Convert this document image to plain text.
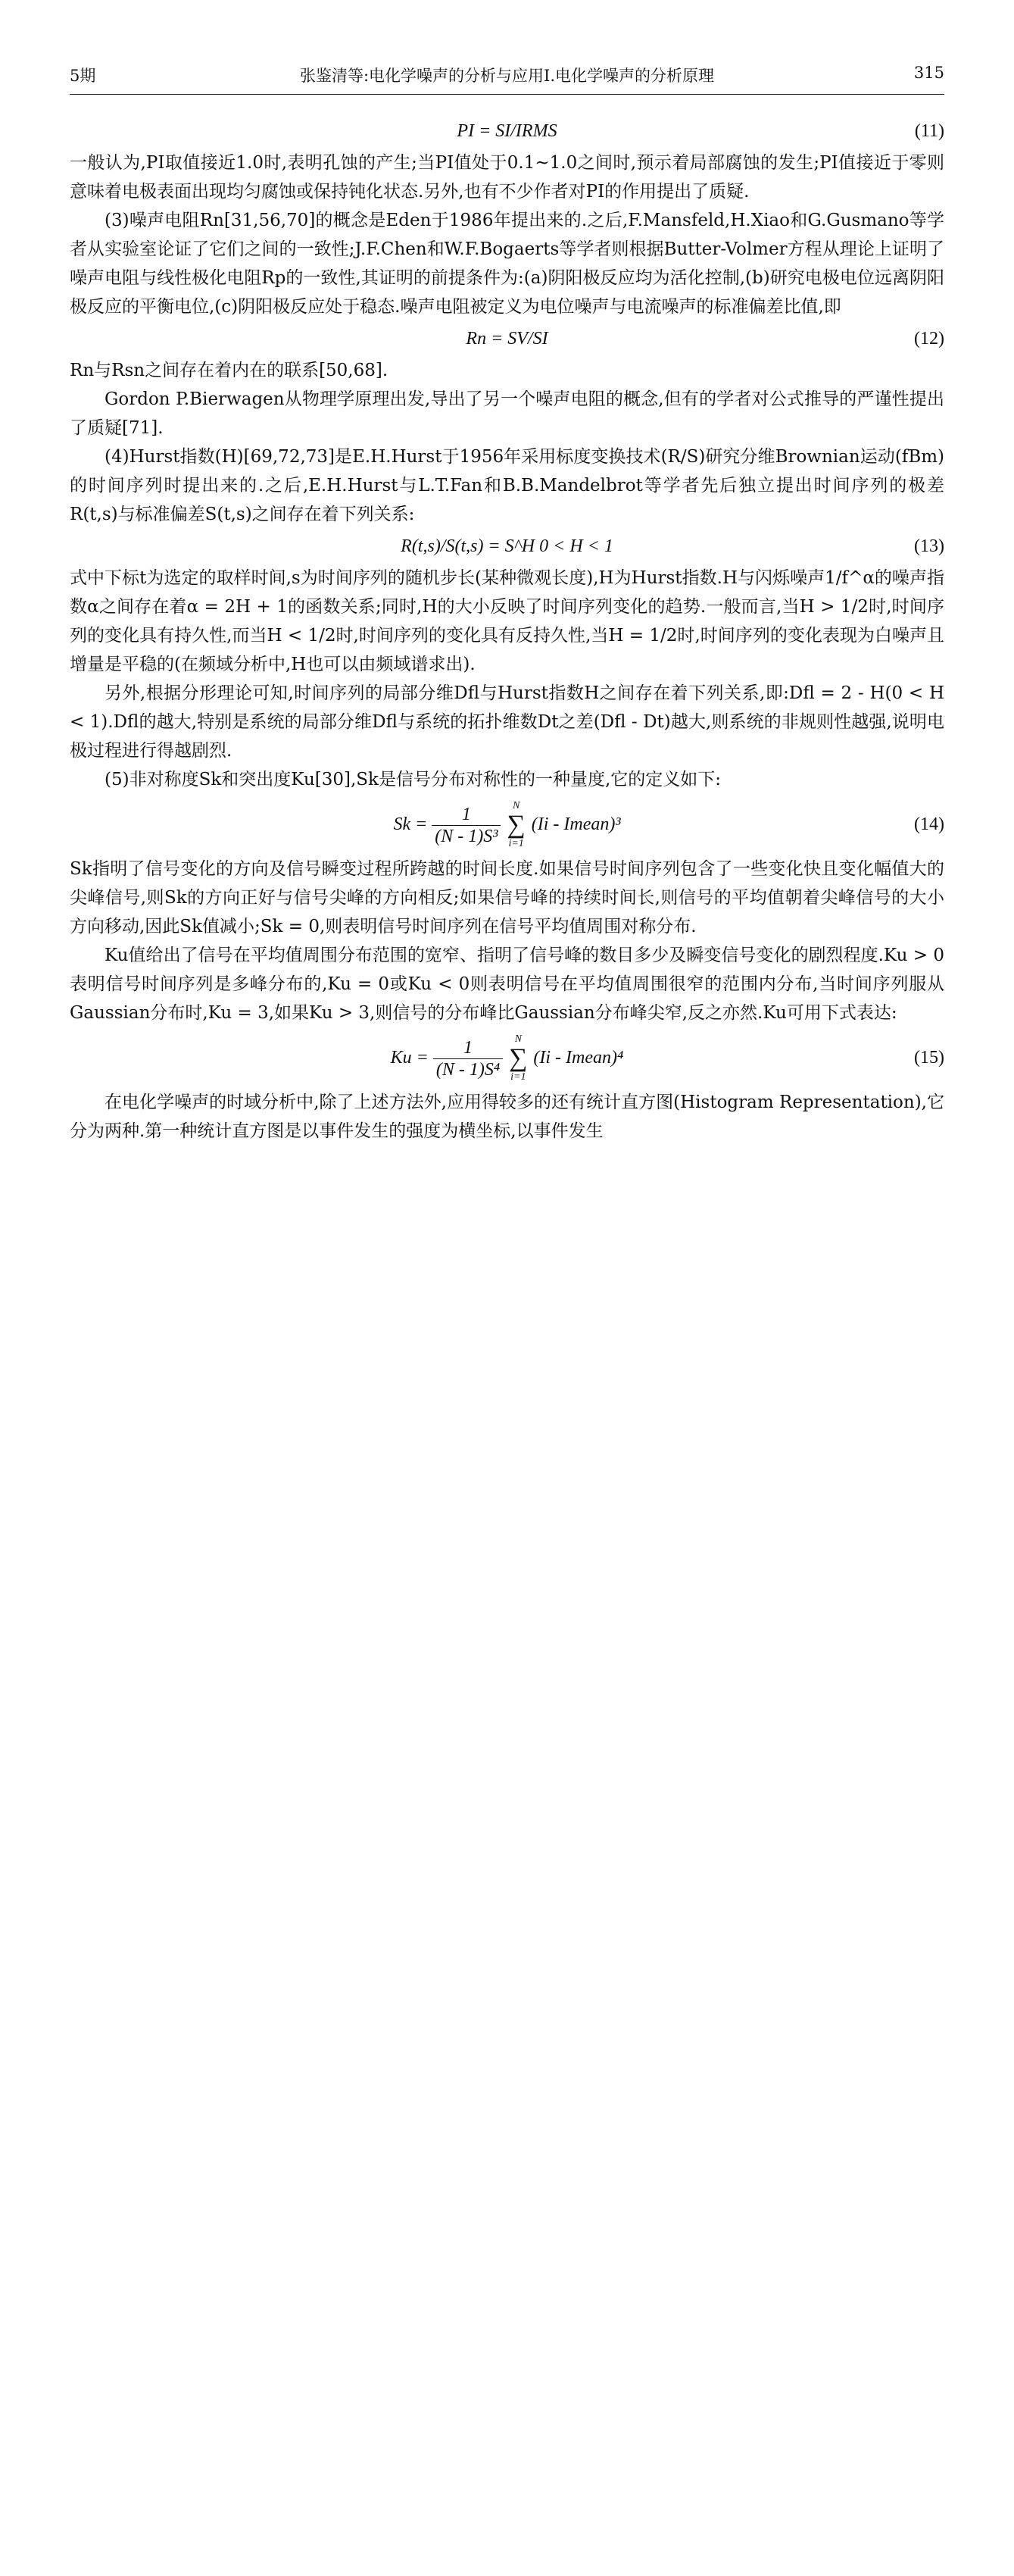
5期	张鉴清等:电化学噪声的分析与应用Ⅰ.电化学噪声的分析原理	315
PI = SI/IRMS	(11)

一般认为,PI取值接近1.0时,表明孔蚀的产生;当PI值处于0.1~1.0之间时,预示着局部腐蚀的发生;PI值接近于零则意味着电极表面出现均匀腐蚀或保持钝化状态.另外,也有不少作者对PI的作用提出了质疑.

(3)噪声电阻Rn[31,56,70]的概念是Eden于1986年提出来的.之后,F.Mansfeld,H.Xiao和G.Gusmano等学者从实验室论证了它们之间的一致性;J.F.Chen和W.F.Bogaerts等学者则根据Butter-Volmer方程从理论上证明了噪声电阻与线性极化电阻Rp的一致性,其证明的前提条件为:(a)阴阳极反应均为活化控制,(b)研究电极电位远离阴阳极反应的平衡电位,(c)阴阳极反应处于稳态.噪声电阻被定义为电位噪声与电流噪声的标准偏差比值,即

Rn = SV/SI	(12)

Rn与Rsn之间存在着内在的联系[50,68].

Gordon P.Bierwagen从物理学原理出发,导出了另一个噪声电阻的概念,但有的学者对公式推导的严谨性提出了质疑[71].

(4)Hurst指数(H)[69,72,73]是E.H.Hurst于1956年采用标度变换技术(R/S)研究分维Brownian运动(fBm)的时间序列时提出来的.之后,E.H.Hurst与L.T.Fan和B.B.Mandelbrot等学者先后独立提出时间序列的极差R(t,s)与标准偏差S(t,s)之间存在着下列关系:

R(t,s)/S(t,s) = S^H 0 < H < 1	(13)

式中下标t为选定的取样时间,s为时间序列的随机步长(某种微观长度),H为Hurst指数.H与闪烁噪声1/f^α的噪声指数α之间存在着α = 2H + 1的函数关系;同时,H的大小反映了时间序列变化的趋势.一般而言,当H > 1/2时,时间序列的变化具有持久性,而当H < 1/2时,时间序列的变化具有反持久性,当H = 1/2时,时间序列的变化表现为白噪声且增量是平稳的(在频域分析中,H也可以由频域谱求出).

另外,根据分形理论可知,时间序列的局部分维Dfl与Hurst指数H之间存在着下列关系,即:Dfl = 2 - H(0 < H < 1).Dfl的越大,特别是系统的局部分维Dfl与系统的拓扑维数Dt之差(Dfl - Dt)越大,则系统的非规则性越强,说明电极过程进行得越剧烈.

(5)非对称度Sk和突出度Ku[30],Sk是信号分布对称性的一种量度,它的定义如下:

$Sk = \frac{1}{\text{(N - 1)S³}}$
	N
∑
i=1
(Ii - Imean)³	(14)

Sk指明了信号变化的方向及信号瞬变过程所跨越的时间长度.如果信号时间序列包含了一些变化快且变化幅值大的尖峰信号,则Sk的方向正好与信号尖峰的方向相反;如果信号峰的持续时间长,则信号的平均值朝着尖峰信号的大小方向移动,因此Sk值减小;Sk = 0,则表明信号时间序列在信号平均值周围对称分布.

Ku值给出了信号在平均值周围分布范围的宽窄、指明了信号峰的数目多少及瞬变信号变化的剧烈程度.Ku > 0表明信号时间序列是多峰分布的,Ku = 0或Ku < 0则表明信号在平均值周围很窄的范围内分布,当时间序列服从Gaussian分布时,Ku = 3,如果Ku > 3,则信号的分布峰比Gaussian分布峰尖窄,反之亦然.Ku可用下式表达:

$Ku = \frac{1}{\text{(N - 1)S⁴}}$
	N
∑
i=1
(Ii - Imean)⁴	(15)

在电化学噪声的时域分析中,除了上述方法外,应用得较多的还有统计直方图(Histogram Representation),它分为两种.第一种统计直方图是以事件发生的强度为横坐标,以事件发生
